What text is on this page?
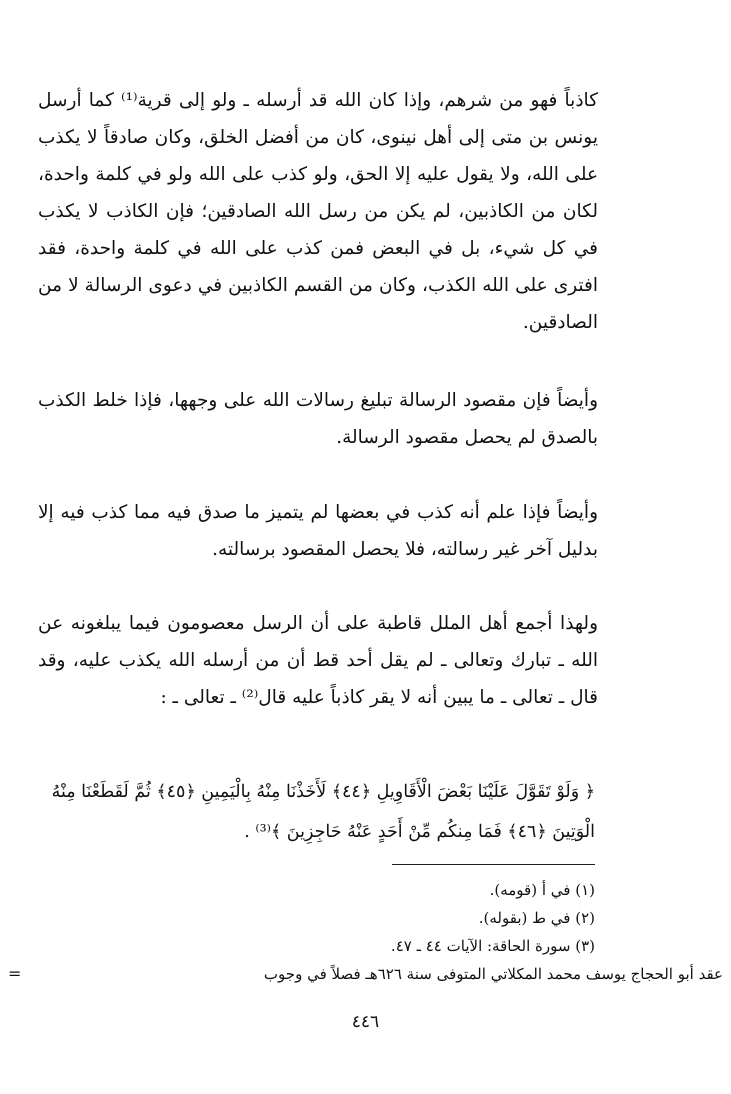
كاذباً فهو من شرهم، وإذا كان الله قد أرسله ـ ولو إلى قرية⁽¹⁾ كما أرسل يونس بن متى إلى أهل نينوى، كان من أفضل الخلق، وكان صادقاً لا يكذب على الله، ولا يقول عليه إلا الحق، ولو كذب على الله ولو في كلمة واحدة، لكان من الكاذبين، لم يكن من رسل الله الصادقين؛ فإن الكاذب لا يكذب في كل شيء، بل في البعض فمن كذب على الله في كلمة واحدة، فقد افترى على الله الكذب، وكان من القسم الكاذبين في دعوى الرسالة لا من الصادقين.

وأيضاً فإن مقصود الرسالة تبليغ رسالات الله على وجهها، فإذا خلط الكذب بالصدق لم يحصل مقصود الرسالة.

وأيضاً فإذا علم أنه كذب في بعضها لم يتميز ما صدق فيه مما كذب فيه إلا بدليل آخر غير رسالته، فلا يحصل المقصود برسالته.

ولهذا أجمع أهل الملل قاطبة على أن الرسل معصومون فيما يبلغونه عن الله ـ تبارك وتعالى ـ لم يقل أحد قط أن من أرسله الله يكذب عليه، وقد قال ـ تعالى ـ ما يبين أنه لا يقر كاذباً عليه قال⁽²⁾ ـ تعالى ـ :

﴿ وَلَوْ تَقَوَّلَ عَلَيْنَا بَعْضَ الْأَقَاوِيلِ ﴿٤٤﴾ لَأَخَذْنَا مِنْهُ بِالْيَمِينِ ﴿٤٥﴾ ثُمَّ لَقَطَعْنَا مِنْهُ الْوَتِينَ ﴿٤٦﴾ فَمَا مِنكُم مِّنْ أَحَدٍ عَنْهُ حَاجِزِينَ ﴾⁽³⁾ .

(١) في أ (قومه).
(٢) في ط (بقوله).
(٣) سورة الحاقة: الآيات ٤٤ ـ ٤٧.
عقد أبو الحجاج يوسف محمد المكلاتي المتوفى سنة ٦٢٦هـ فصلاً في وجوب
=
٤٤٦
